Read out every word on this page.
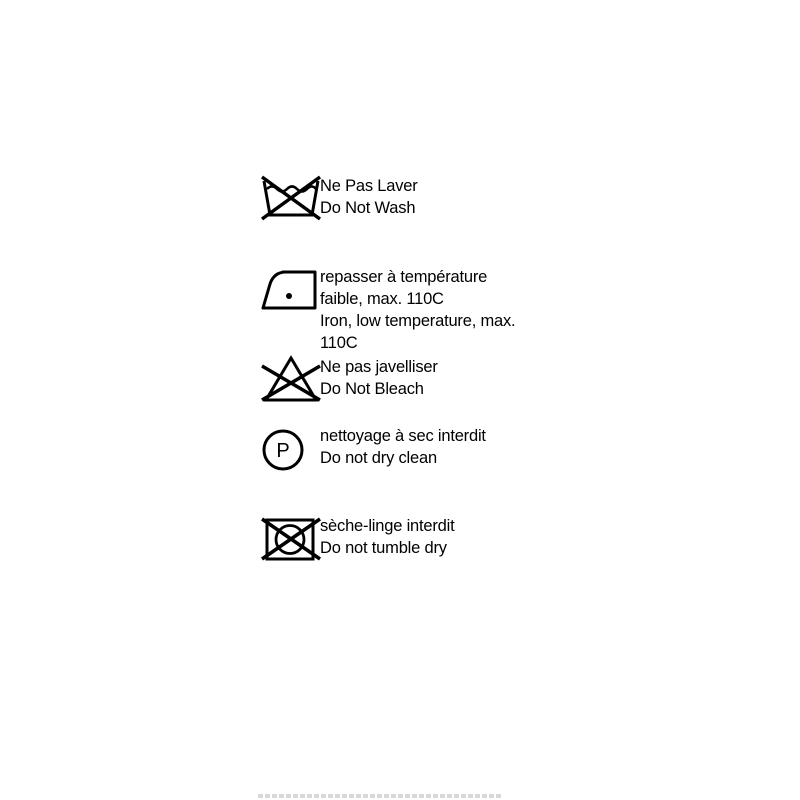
Ne Pas Laver
Do Not Wash
repasser à température
faible, max. 110C
Iron, low temperature, max.
110C
Ne pas javelliser
Do Not Bleach
P
nettoyage à sec interdit
Do not dry clean
sèche-linge interdit
Do not tumble dry
